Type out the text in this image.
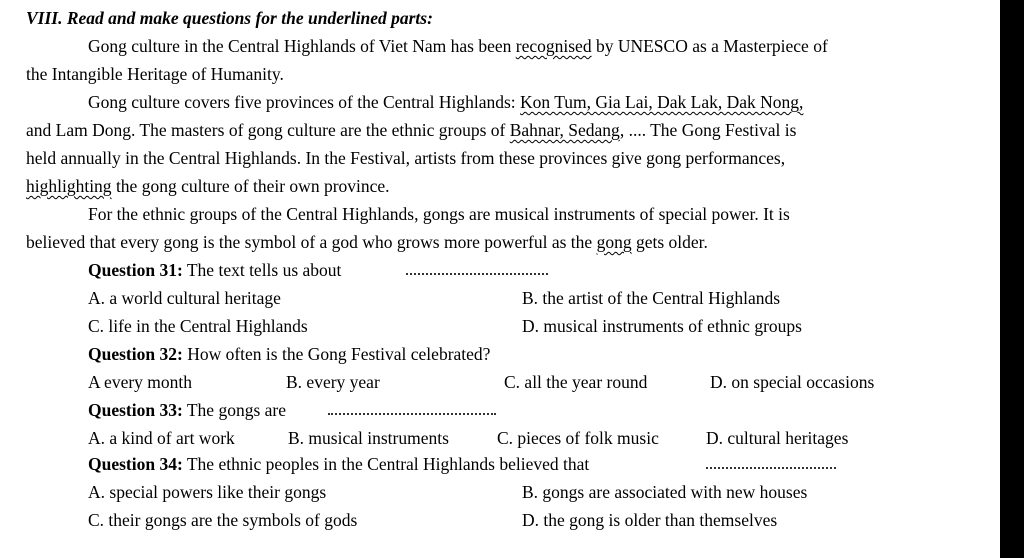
VIII. Read and make questions for the underlined parts:
Gong culture in the Central Highlands of Viet Nam has been recognised by UNESCO as a Masterpiece of
the Intangible Heritage of Humanity.
Gong culture covers five provinces of the Central Highlands: Kon Tum, Gia Lai, Dak Lak, Dak Nong,
and Lam Dong. The masters of gong culture are the ethnic groups of Bahnar, Sedang, .... The Gong Festival is
held annually in the Central Highlands. In the Festival, artists from these provinces give gong performances,
highlighting the gong culture of their own province.
For the ethnic groups of the Central Highlands, gongs are musical instruments of special power. It is
believed that every gong is the symbol of a god who grows more powerful as the gong gets older.
Question 31: The text tells us about
A. a world cultural heritage	B. the artist of the Central Highlands
C. life in the Central Highlands	D. musical instruments of ethnic groups
Question 32: How often is the Gong Festival celebrated?
A every month	B. every year	C. all the year round	D. on special occasions
Question 33: The gongs are
A. a kind of art work	B. musical instruments	C. pieces of folk music	D. cultural heritages
Question 34: The ethnic peoples in the Central Highlands believed that
A. special powers like their gongs	B. gongs are associated with new houses
C. their gongs are the symbols of gods	D. the gong is older than themselves
